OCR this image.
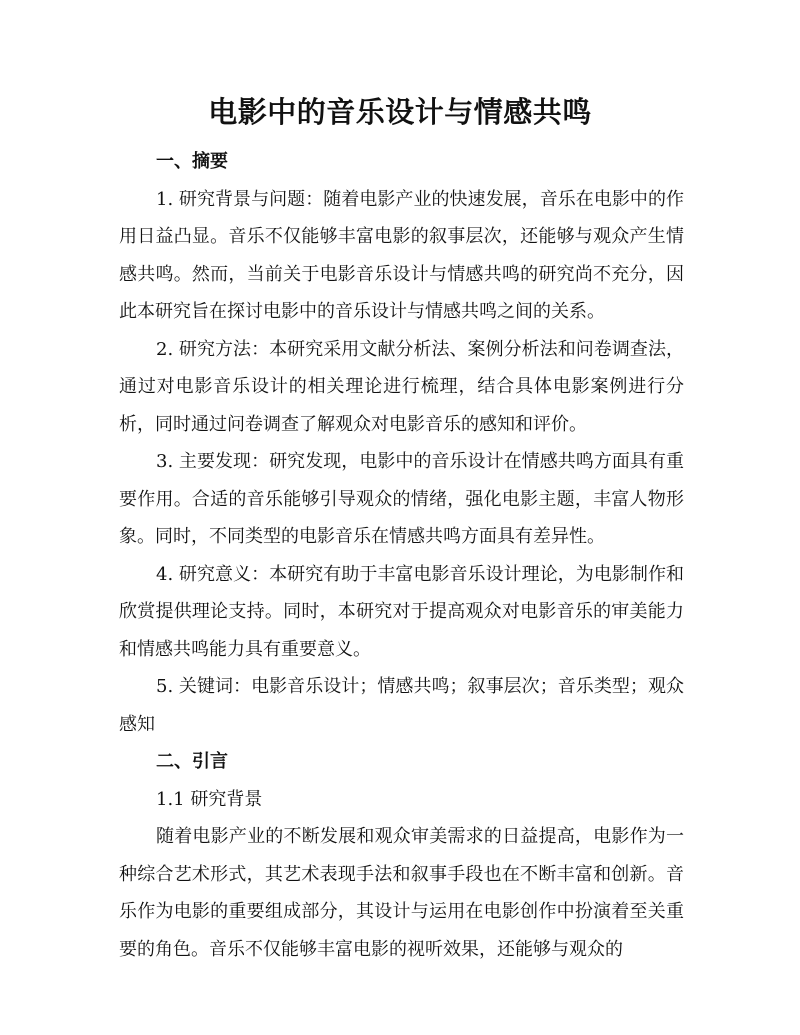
电影中的音乐设计与情感共鸣
一、摘要
1. 研究背景与问题：随着电影产业的快速发展，音乐在电影中的作用日益凸显。音乐不仅能够丰富电影的叙事层次，还能够与观众产生情感共鸣。然而，当前关于电影音乐设计与情感共鸣的研究尚不充分，因此本研究旨在探讨电影中的音乐设计与情感共鸣之间的关系。
2. 研究方法：本研究采用文献分析法、案例分析法和问卷调查法，通过对电影音乐设计的相关理论进行梳理，结合具体电影案例进行分析，同时通过问卷调查了解观众对电影音乐的感知和评价。
3. 主要发现：研究发现，电影中的音乐设计在情感共鸣方面具有重要作用。合适的音乐能够引导观众的情绪，强化电影主题，丰富人物形象。同时，不同类型的电影音乐在情感共鸣方面具有差异性。
4. 研究意义：本研究有助于丰富电影音乐设计理论，为电影制作和欣赏提供理论支持。同时，本研究对于提高观众对电影音乐的审美能力和情感共鸣能力具有重要意义。
5. 关键词：电影音乐设计；情感共鸣；叙事层次；音乐类型；观众感知
二、引言
1.1 研究背景
随着电影产业的不断发展和观众审美需求的日益提高，电影作为一种综合艺术形式，其艺术表现手法和叙事手段也在不断丰富和创新。音乐作为电影的重要组成部分，其设计与运用在电影创作中扮演着至关重要的角色。音乐不仅能够丰富电影的视听效果，还能够与观众的
